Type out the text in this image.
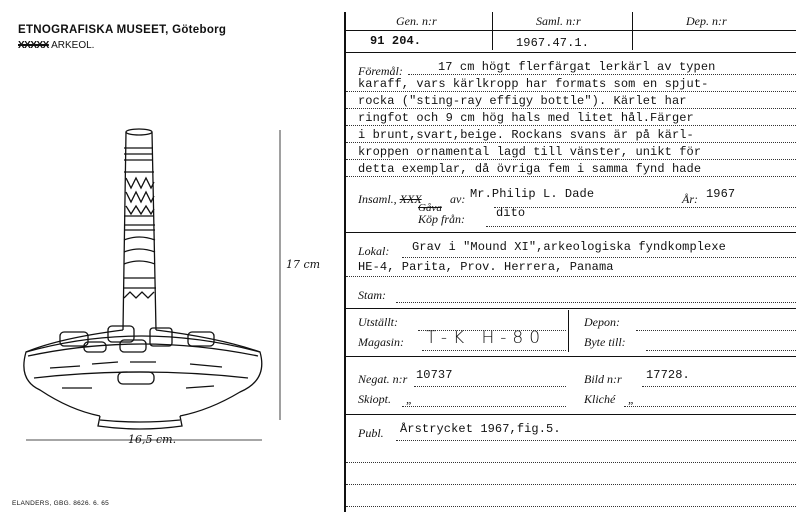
ETNOGRAFISKA MUSEET, Göteborg
XXXXX ARKEOL.
17 cm
16,5 cm.
ELANDERS, GBG. 8626. 6. 65
Gen. n:r	Saml. n:r	Dep. n:r
91 204.	1967.47.1.
Föremål:	17 cm högt flerfärgat lerkärl av typen
karaff, vars kärlkropp har formats som en spjut-
rocka ("sting-ray effigy bottle"). Kärlet har
ringfot och 9 cm hög hals med litet hål.Färger
i brunt,svart,beige. Rockans svans är på kärl-
kroppen ornamental lagd till vänster, unikt för
detta exemplar, då övriga fem i samma fynd hade
Insaml., XXX
Gåva
av: Mr.Philip L. Dade	År: 1967
Köp från:	dito
Lokal: Grav i "Mound XI",arkeologiska fyndkomplexe
HE-4, Parita, Prov. Herrera, Panama
Stam:
Utställt:	Depon:
Magasin: T-K H-80	Byte till:
Negat. n:r 10737	Bild n:r 17728.
Skiopt. „	Kliché „
Publ. Årstrycket 1967,fig.5.
